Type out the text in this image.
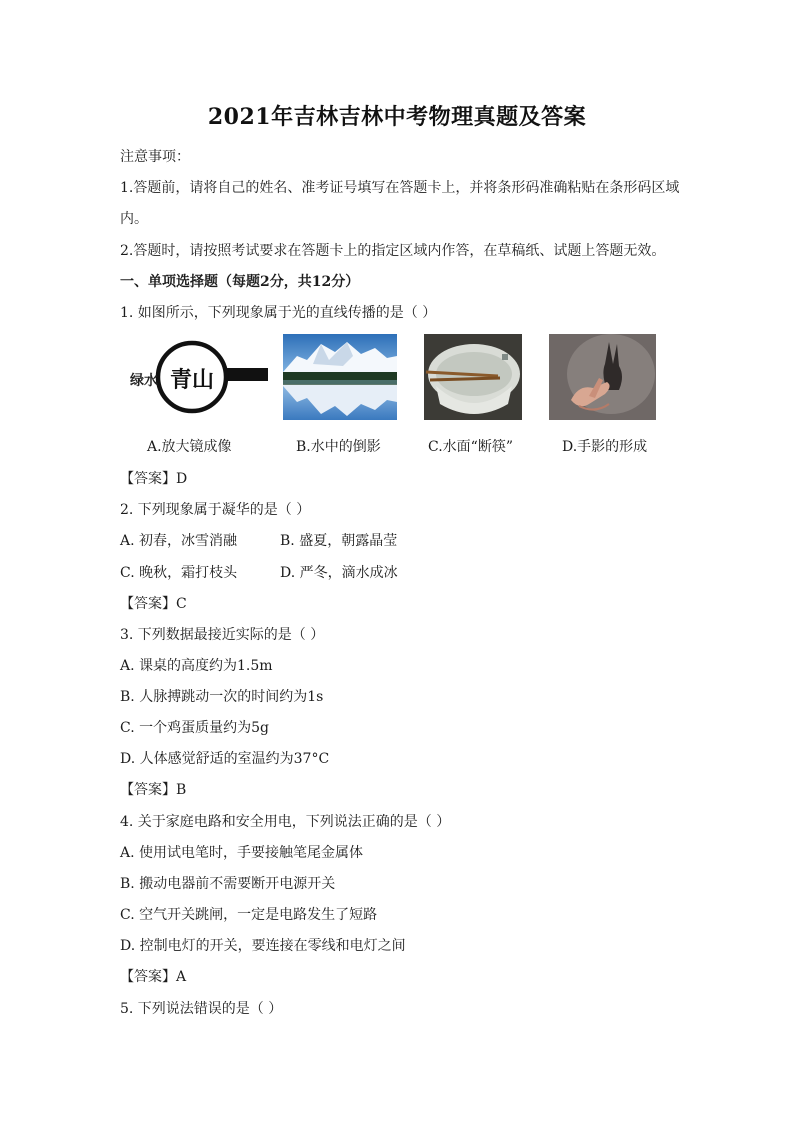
2021年吉林吉林中考物理真题及答案
注意事项：
1.答题前，请将自己的姓名、准考证号填写在答题卡上，并将条形码准确粘贴在条形码区域
内。
2.答题时，请按照考试要求在答题卡上的指定区域内作答，在草稿纸、试题上答题无效。
一、单项选择题（每题2分，共12分）
1. 如图所示，下列现象属于光的直线传播的是（ ）
绿水 青山
A.放大镜成像	B.水中的倒影	C.水面“断筷”	D.手影的形成
【答案】D
2. 下列现象属于凝华的是（ ）
A. 初春，冰雪消融	B. 盛夏，朝露晶莹
C. 晚秋，霜打枝头	D. 严冬，滴水成冰
【答案】C
3. 下列数据最接近实际的是（ ）
A. 课桌的高度约为1.5m
B. 人脉搏跳动一次的时间约为1s
C. 一个鸡蛋质量约为5g
D. 人体感觉舒适的室温约为37°C
【答案】B
4. 关于家庭电路和安全用电，下列说法正确的是（ ）
A. 使用试电笔时，手要接触笔尾金属体
B. 搬动电器前不需要断开电源开关
C. 空气开关跳闸，一定是电路发生了短路
D. 控制电灯的开关，要连接在零线和电灯之间
【答案】A
5. 下列说法错误的是（ ）
